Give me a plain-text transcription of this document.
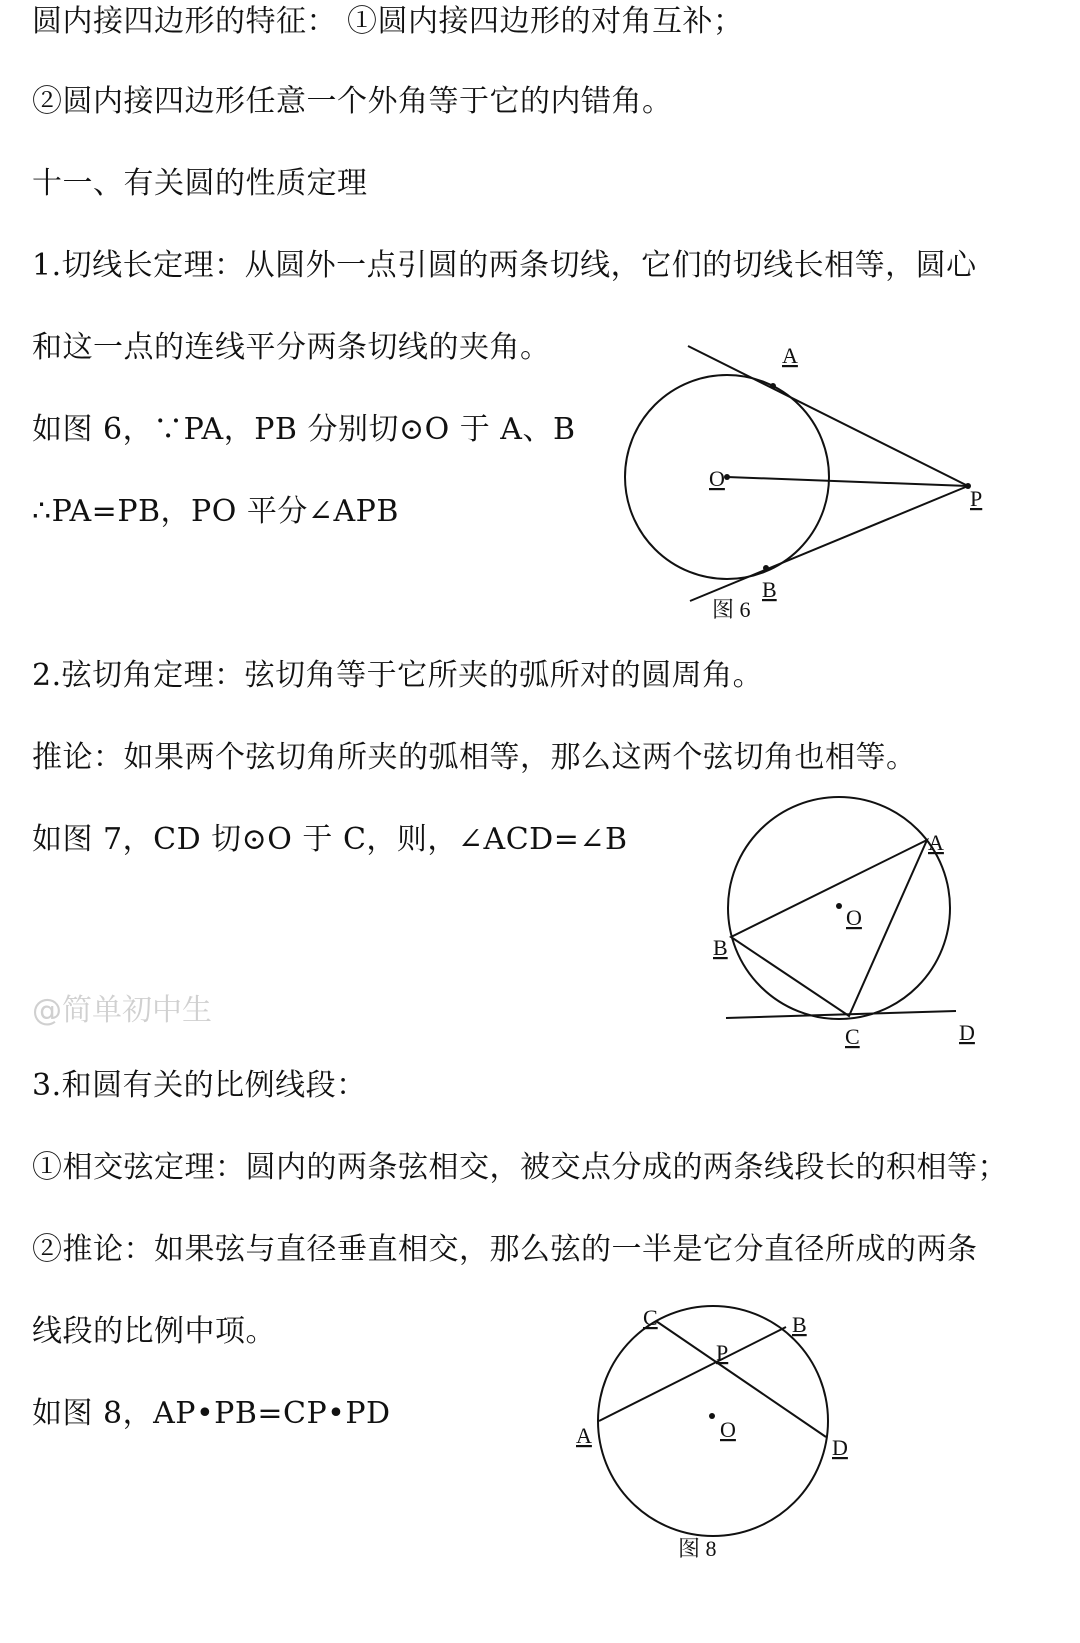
圆内接四边形的特征： ①圆内接四边形的对角互补；
②圆内接四边形任意一个外角等于它的内错角。
十一、有关圆的性质定理
1.切线长定理：从圆外一点引圆的两条切线，它们的切线长相等，圆心
和这一点的连线平分两条切线的夹角。
如图 6，∵PA，PB 分别切⊙O 于 A、B
∴PA=PB，PO 平分∠APB
2.弦切角定理：弦切角等于它所夹的弧所对的圆周角。
推论：如果两个弦切角所夹的弧相等，那么这两个弦切角也相等。
如图 7，CD 切⊙O 于 C，则，∠ACD=∠B
@简单初中生
3.和圆有关的比例线段：
①相交弦定理：圆内的两条弦相交，被交点分成的两条线段长的积相等；
②推论：如果弦与直径垂直相交，那么弦的一半是它分直径所成的两条
线段的比例中项。
如图 8，AP•PB=CP•PD
A
B
O
P
图 6
A
B
C	D
O
A
B
C
D
P
O
图 8
